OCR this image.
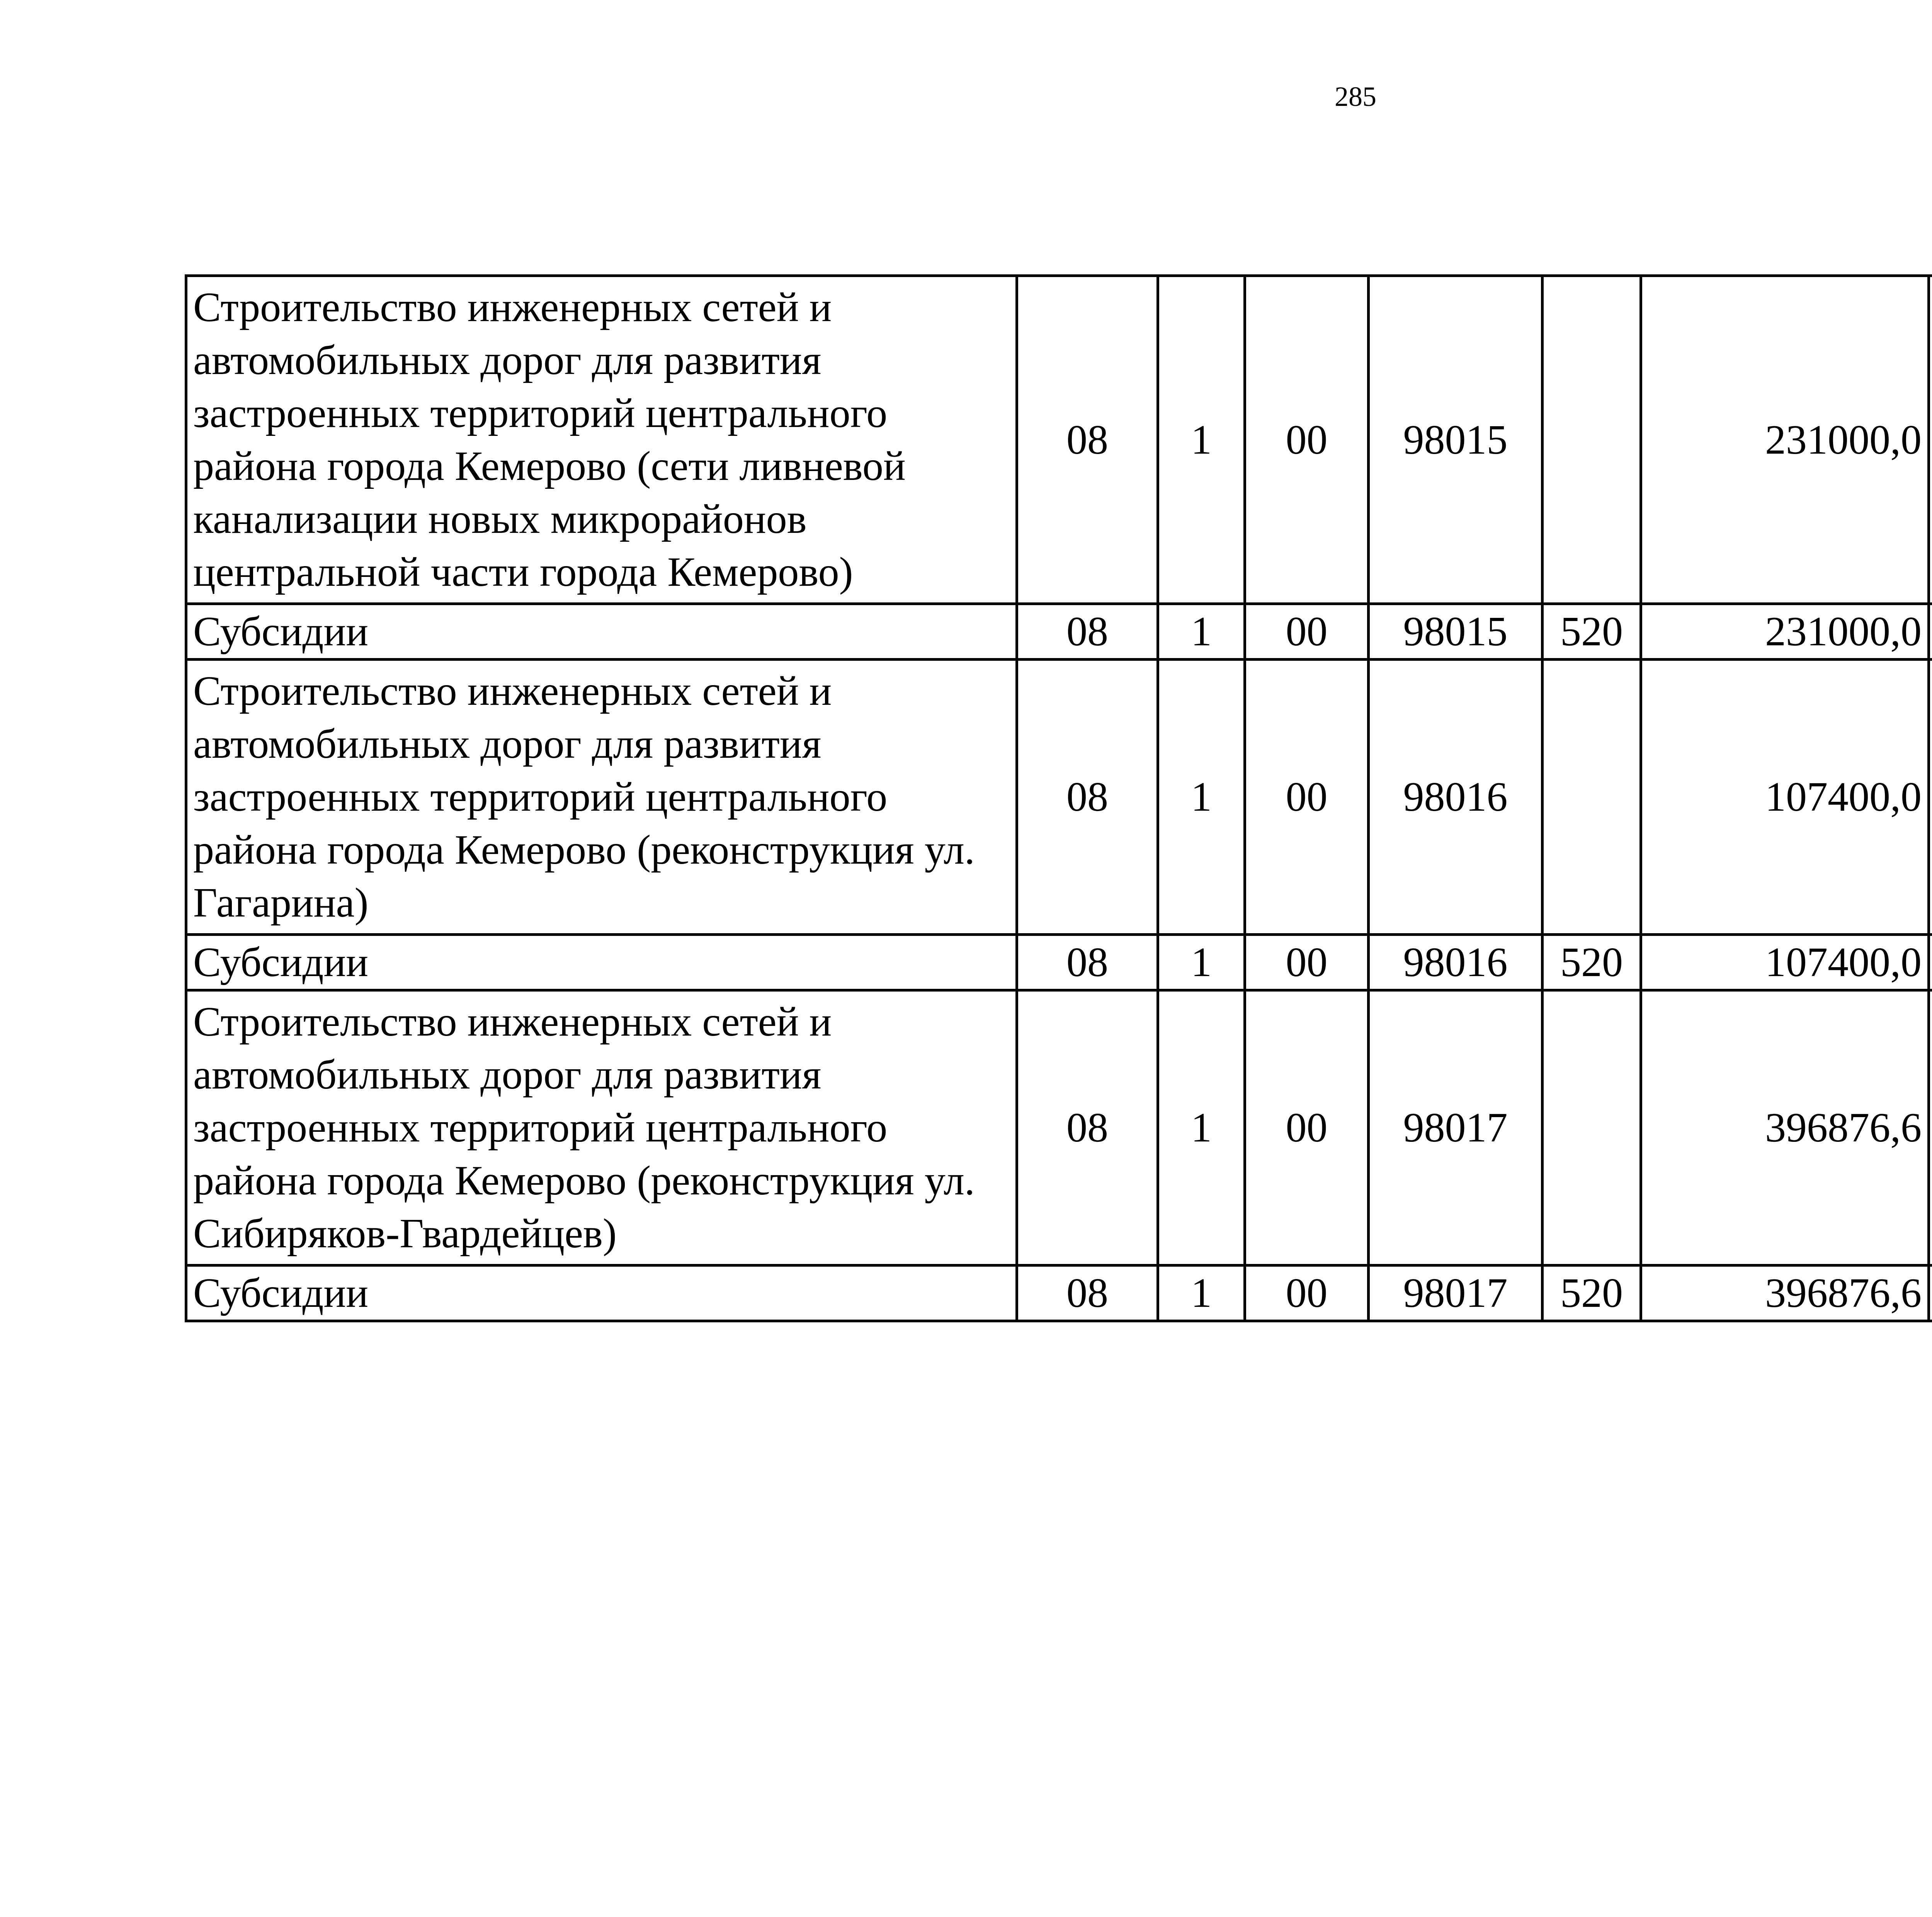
285
Строительство инженерных сетей и автомобильных дорог для развития застроенных территорий центрального района города Кемерово (сети ливневой канализации новых микрорайонов центральной части города Кемерово)	08	1	00	98015		231000,0		
Субсидии	08	1	00	98015	520	231000,0		
Строительство инженерных сетей и автомобильных дорог для развития застроенных территорий центрального района города Кемерово (реконструкция ул. Гагарина)	08	1	00	98016		107400,0		
Субсидии	08	1	00	98016	520	107400,0		
Строительство инженерных сетей и автомобильных дорог для развития застроенных территорий центрального района города Кемерово (реконструкция ул. Сибиряков-Гвардейцев)	08	1	00	98017		396876,6		
Субсидии	08	1	00	98017	520	396876,6		
